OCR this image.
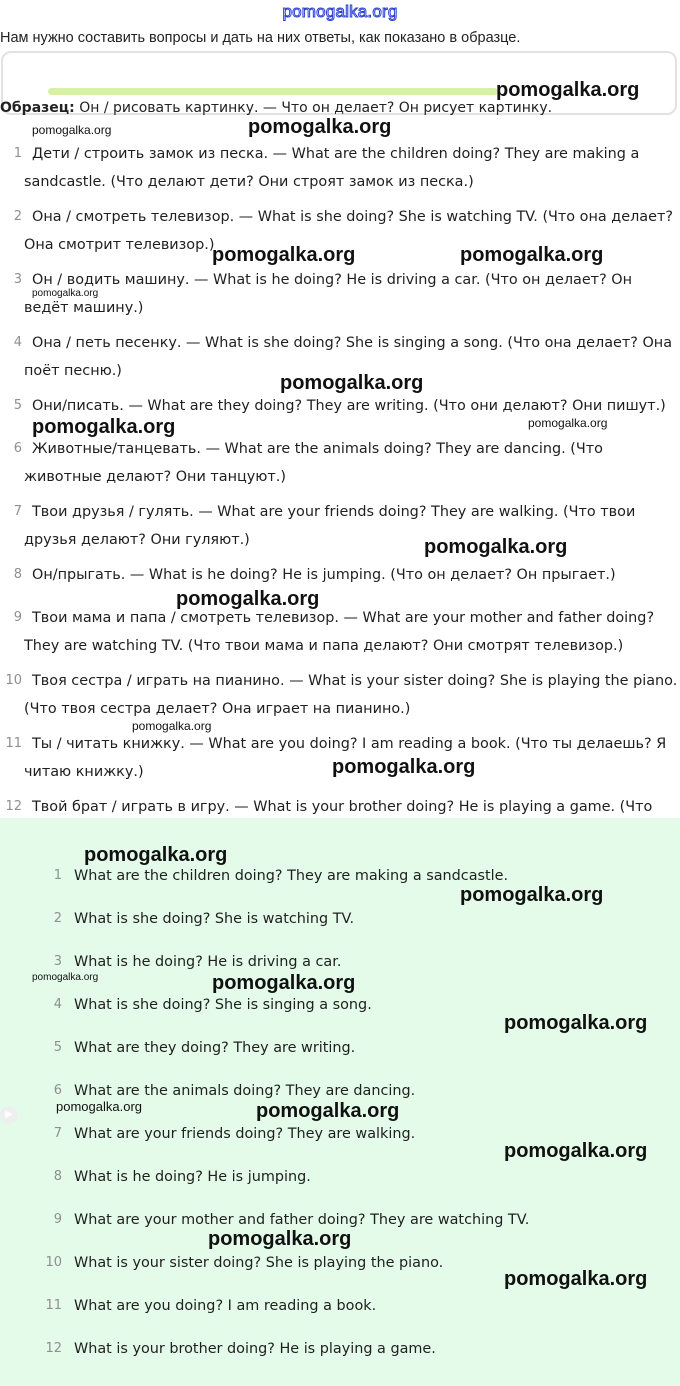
pomogalka.org
Нам нужно составить вопросы и дать на них ответы, как показано в образце.
Образец: Он / рисовать картинку. — Что он делает? Он рисует картинку.
1 Дети / строить замок из песка. — What are the children doing? They are making a sandcastle. (Что делают дети? Они строят замок из песка.)
2 Она / смотреть телевизор. — What is she doing? She is watching TV. (Что она делает? Она смотрит телевизор.)
3 Он / водить машину. — What is he doing? He is driving a car. (Что он делает? Он ведёт машину.)
4 Она / петь песенку. — What is she doing? She is singing a song. (Что она делает? Она поёт песню.)
5 Они/писать. — What are they doing? They are writing. (Что они делают? Они пишут.)
6 Животные/танцевать. — What are the animals doing? They are dancing. (Что животные делают? Они танцуют.)
7 Твои друзья / гулять. — What are your friends doing? They are walking. (Что твои друзья делают? Они гуляют.)
8 Он/прыгать. — What is he doing? He is jumping. (Что он делает? Он прыгает.)
9 Твои мама и папа / смотреть телевизор. — What are your mother and father doing? They are watching TV. (Что твои мама и папа делают? Они смотрят телевизор.)
10 Твоя сестра / играть на пианино. — What is your sister doing? She is playing the piano. (Что твоя сестра делает? Она играет на пианино.)
11 Ты / читать книжку. — What are you doing? I am reading a book. (Что ты делаешь? Я читаю книжку.)
12 Твой брат / играть в игру. — What is your brother doing? He is playing a game. (Что
1 What are the children doing? They are making a sandcastle.
2 What is she doing? She is watching TV.
3 What is he doing? He is driving a car.
4 What is she doing? She is singing a song.
5 What are they doing? They are writing.
6 What are the animals doing? They are dancing.
7 What are your friends doing? They are walking.
8 What is he doing? He is jumping.
9 What are your mother and father doing? They are watching TV.
10 What is your sister doing? She is playing the piano.
11 What are you doing? I am reading a book.
12 What is your brother doing? He is playing a game.
▶
pomogalka.org
pomogalka.org
pomogalka.org
pomogalka.org	pomogalka.org
pomogalka.org
pomogalka.org
pomogalka.org	pomogalka.org
pomogalka.org
pomogalka.org
pomogalka.org
pomogalka.org
pomogalka.org
pomogalka.org
pomogalka.org	pomogalka.org
pomogalka.org
pomogalka.org	pomogalka.org
pomogalka.org
pomogalka.org
pomogalka.org
